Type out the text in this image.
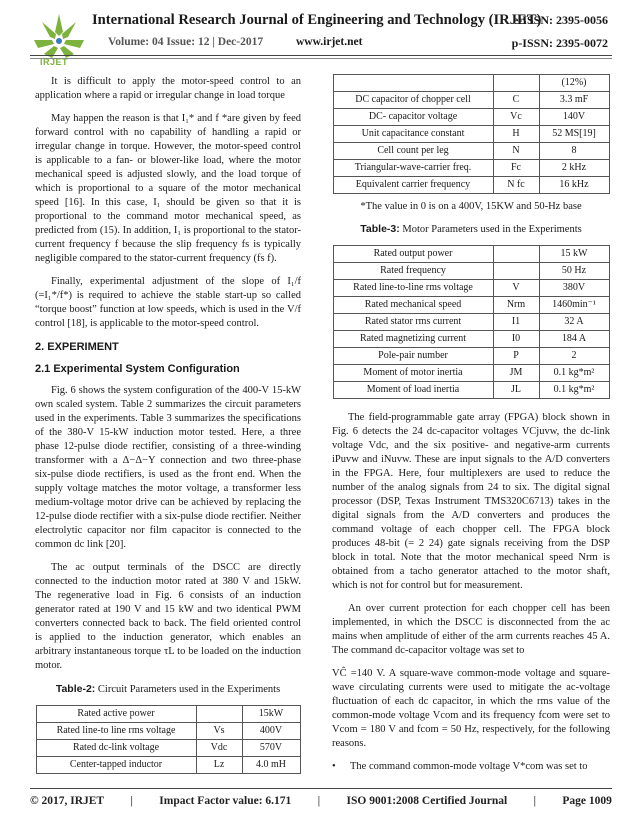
IRJET
International Research Journal of Engineering and Technology (IRJET)
e-ISSN: 2395-0056
Volume: 04 Issue: 12 | Dec-2017	www.irjet.net	p-ISSN: 2395-0072

It is difficult to apply the motor-speed control to an application where a rapid or irregular change in load torque

May happen the reason is that I₁* and f *are given by feed forward control with no capability of handling a rapid or irregular change in torque. However, the motor-speed control is applicable to a fan- or blower-like load, where the motor mechanical speed is adjusted slowly, and the load torque of which is proportional to a square of the motor mechanical speed [16]. In this case, I₁ should be given so that it is proportional to the command motor mechanical speed, as predicted from (15). In addition, I₁ is proportional to the stator-current frequency f because the slip frequency fs is typically negligible compared to the stator-current frequency (fs f).

Finally, experimental adjustment of the slope of I₁/f (=I₁*/f*) is required to achieve the stable start-up so called “torque boost” function at low speeds, which is used in the V/f control [18], is applicable to the motor-speed control.

2. EXPERIMENT

2.1 Experimental System Configuration

Fig. 6 shows the system configuration of the 400-V 15-kW own scaled system. Table 2 summarizes the circuit parameters used in the experiments. Table 3 summarizes the specifications of the 380-V 15-kW induction motor tested. Here, a three phase 12-pulse diode rectifier, consisting of a three-winding transformer with a Δ−Δ−Y connection and two three-phase six-pulse diode rectifiers, is used as the front end. When the supply voltage matches the motor voltage, a transformer less medium-voltage motor drive can be achieved by replacing the 12-pulse diode rectifier with a six-pulse diode rectifier. Neither electrolytic capacitor nor film capacitor is connected to the common dc link [20].

The ac output terminals of the DSCC are directly connected to the induction motor rated at 380 V and 15kW. The regenerative load in Fig. 6 consists of an induction generator rated at 190 V and 15 kW and two identical PWM converters connected back to back. The field oriented control is applied to the induction generator, which enables an arbitrary instantaneous torque τL to be loaded on the induction motor.

Table-2: Circuit Parameters used in the Experiments

Rated active power		15kW
Rated line-to line rms voltage	Vs	400V
Rated dc-link voltage	Vdc	570V
Center-tapped inductor	Lz	4.0 mH
		(12%)
DC capacitor of chopper cell	C	3.3 mF
DC- capacitor voltage	Vc	140V
Unit capacitance constant	H	52 MS[19]
Cell count per leg	N	8
Triangular-wave-carrier freq.	Fc	2 kHz
Equivalent carrier frequency	N fc	16 kHz

*The value in 0 is on a 400V, 15KW and 50-Hz base

Table-3: Motor Parameters used in the Experiments

Rated output power		15 kW
Rated frequency		50 Hz
Rated line-to-line rms voltage	V	380V
Rated mechanical speed	Nrm	1460min⁻¹
Rated stator rms current	I1	32 A
Rated magnetizing current	I0	184 A
Pole-pair number	P	2
Moment of motor inertia	JM	0.1 kg*m²
Moment of load inertia	JL	0.1 kg*m²

The field-programmable gate array (FPGA) block shown in Fig. 6 detects the 24 dc-capacitor voltages VCjuvw, the dc-link voltage Vdc, and the six positive- and negative-arm currents iPuvw and iNuvw. These are input signals to the A/D converters in the FPGA. Here, four multiplexers are used to reduce the number of the analog signals from 24 to six. The digital signal processor (DSP, Texas Instrument TMS320C6713) takes in the digital signals from the A/D converters and produces the command voltage of each chopper cell. The FPGA block produces 48-bit (= 2 24) gate signals receiving from the DSP block in total. Note that the motor mechanical speed Nrm is obtained from a tacho generator attached to the motor shaft, which is not for control but for measurement.

An over current protection for each chopper cell has been implemented, in which the DSCC is disconnected from the ac mains when amplitude of either of the arm currents reaches 45 A. The command dc-capacitor voltage was set to

VĈ =140 V. A square-wave common-mode voltage and square-wave circulating currents were used to mitigate the ac-voltage fluctuation of each dc capacitor, in which the rms value of the common-mode voltage Vcom and its frequency fcom were set to Vcom = 180 V and fcom = 50 Hz, respectively, for the following reasons.

•	The command common-mode voltage V*com was set to
© 2017, IRJET | Impact Factor value: 6.171 | ISO 9001:2008 Certified Journal | Page 1009
